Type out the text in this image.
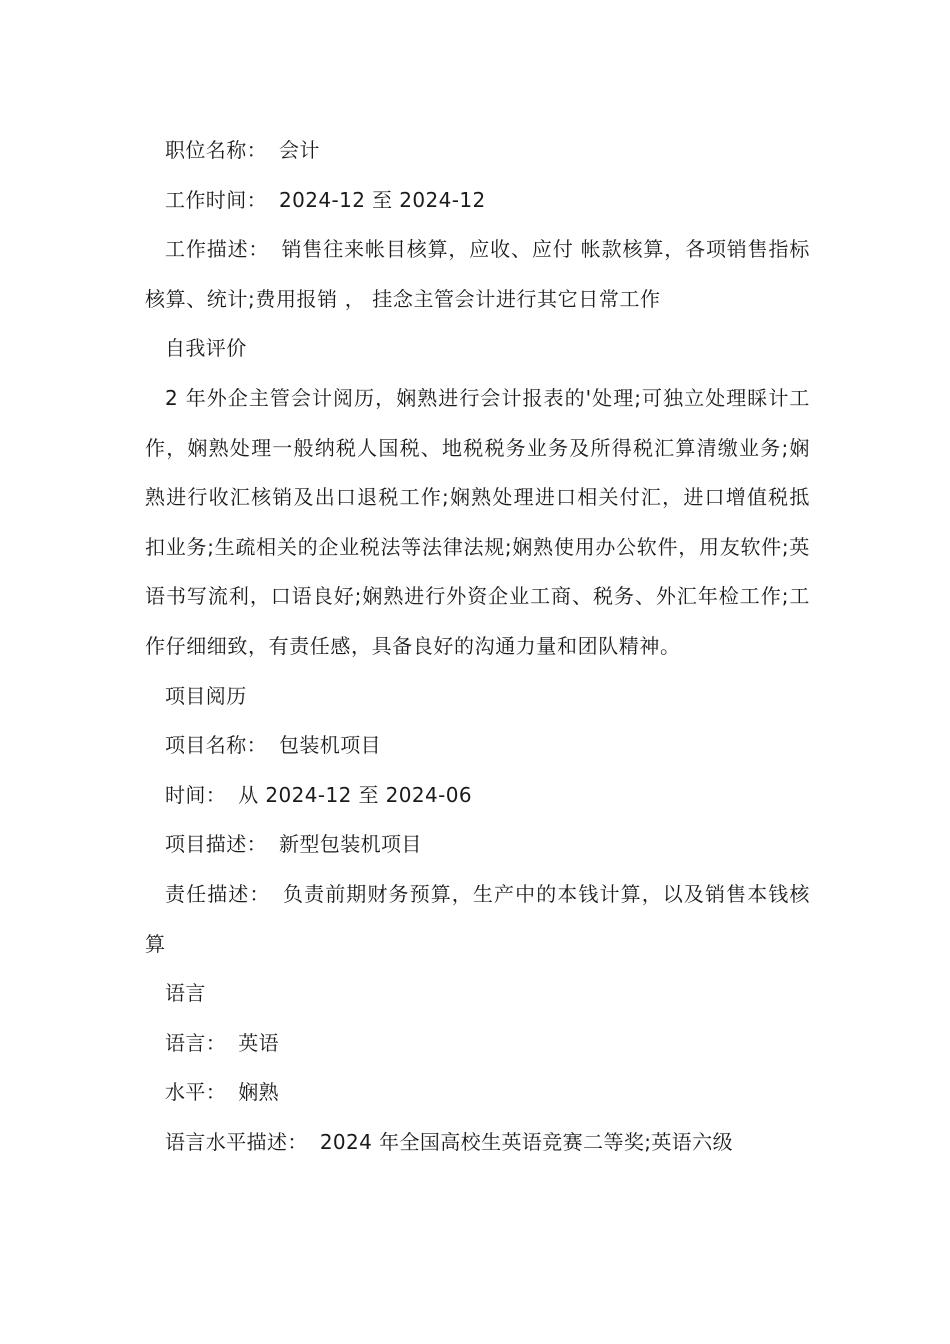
职位名称： 会计
工作时间： 2024-12 至 2024-12
工作描述： 销售往来帐目核算，应收、应付 帐款核算，各项销售指标核算、统计;费用报销 ， 挂念主管会计进行其它日常工作
自我评价
2 年外企主管会计阅历，娴熟进行会计报表的'处理;可独立处理睬计工作，娴熟处理一般纳税人国税、地税税务业务及所得税汇算清缴业务;娴熟进行收汇核销及出口退税工作;娴熟处理进口相关付汇，进口增值税抵扣业务;生疏相关的企业税法等法律法规;娴熟使用办公软件，用友软件;英语书写流利，口语良好;娴熟进行外资企业工商、税务、外汇年检工作;工作仔细细致，有责任感，具备良好的沟通力量和团队精神。
项目阅历
项目名称： 包装机项目
时间： 从 2024-12 至 2024-06
项目描述： 新型包装机项目
责任描述： 负责前期财务预算，生产中的本钱计算，以及销售本钱核算
语言
语言： 英语
水平： 娴熟
语言水平描述： 2024 年全国高校生英语竞赛二等奖;英语六级
